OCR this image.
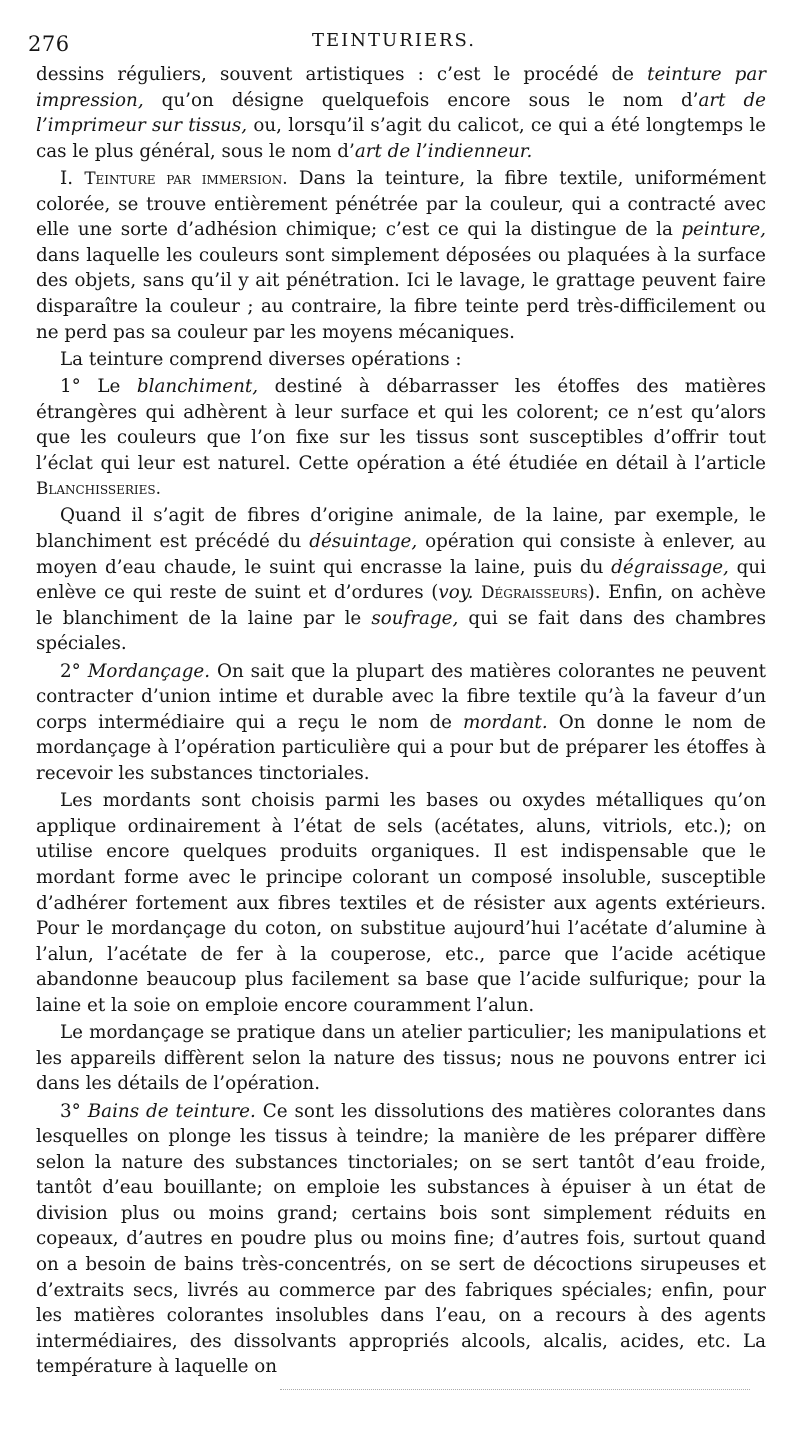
276	TEINTURIERS.

dessins réguliers, souvent artistiques : c’est le procédé de teinture par impression, qu’on désigne quelquefois encore sous le nom d’art de l’imprimeur sur tissus, ou, lorsqu’il s’agit du calicot, ce qui a été longtemps le cas le plus général, sous le nom d’art de l’indienneur.

I. Teinture par immersion. Dans la teinture, la fibre textile, uniformément colorée, se trouve entièrement pénétrée par la couleur, qui a contracté avec elle une sorte d’adhésion chimique; c’est ce qui la distingue de la peinture, dans laquelle les couleurs sont simplement déposées ou plaquées à la surface des objets, sans qu’il y ait pénétration. Ici le lavage, le grattage peuvent faire disparaître la couleur ; au contraire, la fibre teinte perd très-difficilement ou ne perd pas sa couleur par les moyens mécaniques.

La teinture comprend diverses opérations :

1° Le blanchiment, destiné à débarrasser les étoffes des matières étrangères qui adhèrent à leur surface et qui les colorent; ce n’est qu’alors que les couleurs que l’on fixe sur les tissus sont susceptibles d’offrir tout l’éclat qui leur est naturel. Cette opération a été étudiée en détail à l’article Blanchisseries.

Quand il s’agit de fibres d’origine animale, de la laine, par exemple, le blanchiment est précédé du désuintage, opération qui consiste à enlever, au moyen d’eau chaude, le suint qui encrasse la laine, puis du dégraissage, qui enlève ce qui reste de suint et d’ordures (voy. Dégraisseurs). Enfin, on achève le blanchiment de la laine par le soufrage, qui se fait dans des chambres spéciales.

2° Mordançage. On sait que la plupart des matières colorantes ne peuvent contracter d’union intime et durable avec la fibre textile qu’à la faveur d’un corps intermédiaire qui a reçu le nom de mordant. On donne le nom de mordançage à l’opération particulière qui a pour but de préparer les étoffes à recevoir les substances tinctoriales.

Les mordants sont choisis parmi les bases ou oxydes métalliques qu’on applique ordinairement à l’état de sels (acétates, aluns, vitriols, etc.); on utilise encore quelques produits organiques. Il est indispensable que le mordant forme avec le principe colorant un composé insoluble, susceptible d’adhérer fortement aux fibres textiles et de résister aux agents extérieurs. Pour le mordançage du coton, on substitue aujourd’hui l’acétate d’alumine à l’alun, l’acétate de fer à la couperose, etc., parce que l’acide acétique abandonne beaucoup plus facilement sa base que l’acide sulfurique; pour la laine et la soie on emploie encore couramment l’alun.

Le mordançage se pratique dans un atelier particulier; les manipulations et les appareils diffèrent selon la nature des tissus; nous ne pouvons entrer ici dans les détails de l’opération.

3° Bains de teinture. Ce sont les dissolutions des matières colorantes dans lesquelles on plonge les tissus à teindre; la manière de les préparer diffère selon la nature des substances tinctoriales; on se sert tantôt d’eau froide, tantôt d’eau bouillante; on emploie les substances à épuiser à un état de division plus ou moins grand; certains bois sont simplement réduits en copeaux, d’autres en poudre plus ou moins fine; d’autres fois, surtout quand on a besoin de bains très-concentrés, on se sert de décoctions sirupeuses et d’extraits secs, livrés au commerce par des fabriques spéciales; enfin, pour les matières colorantes insolubles dans l’eau, on a recours à des agents intermédiaires, des dissolvants appropriés alcools, alcalis, acides, etc. La température à laquelle on
